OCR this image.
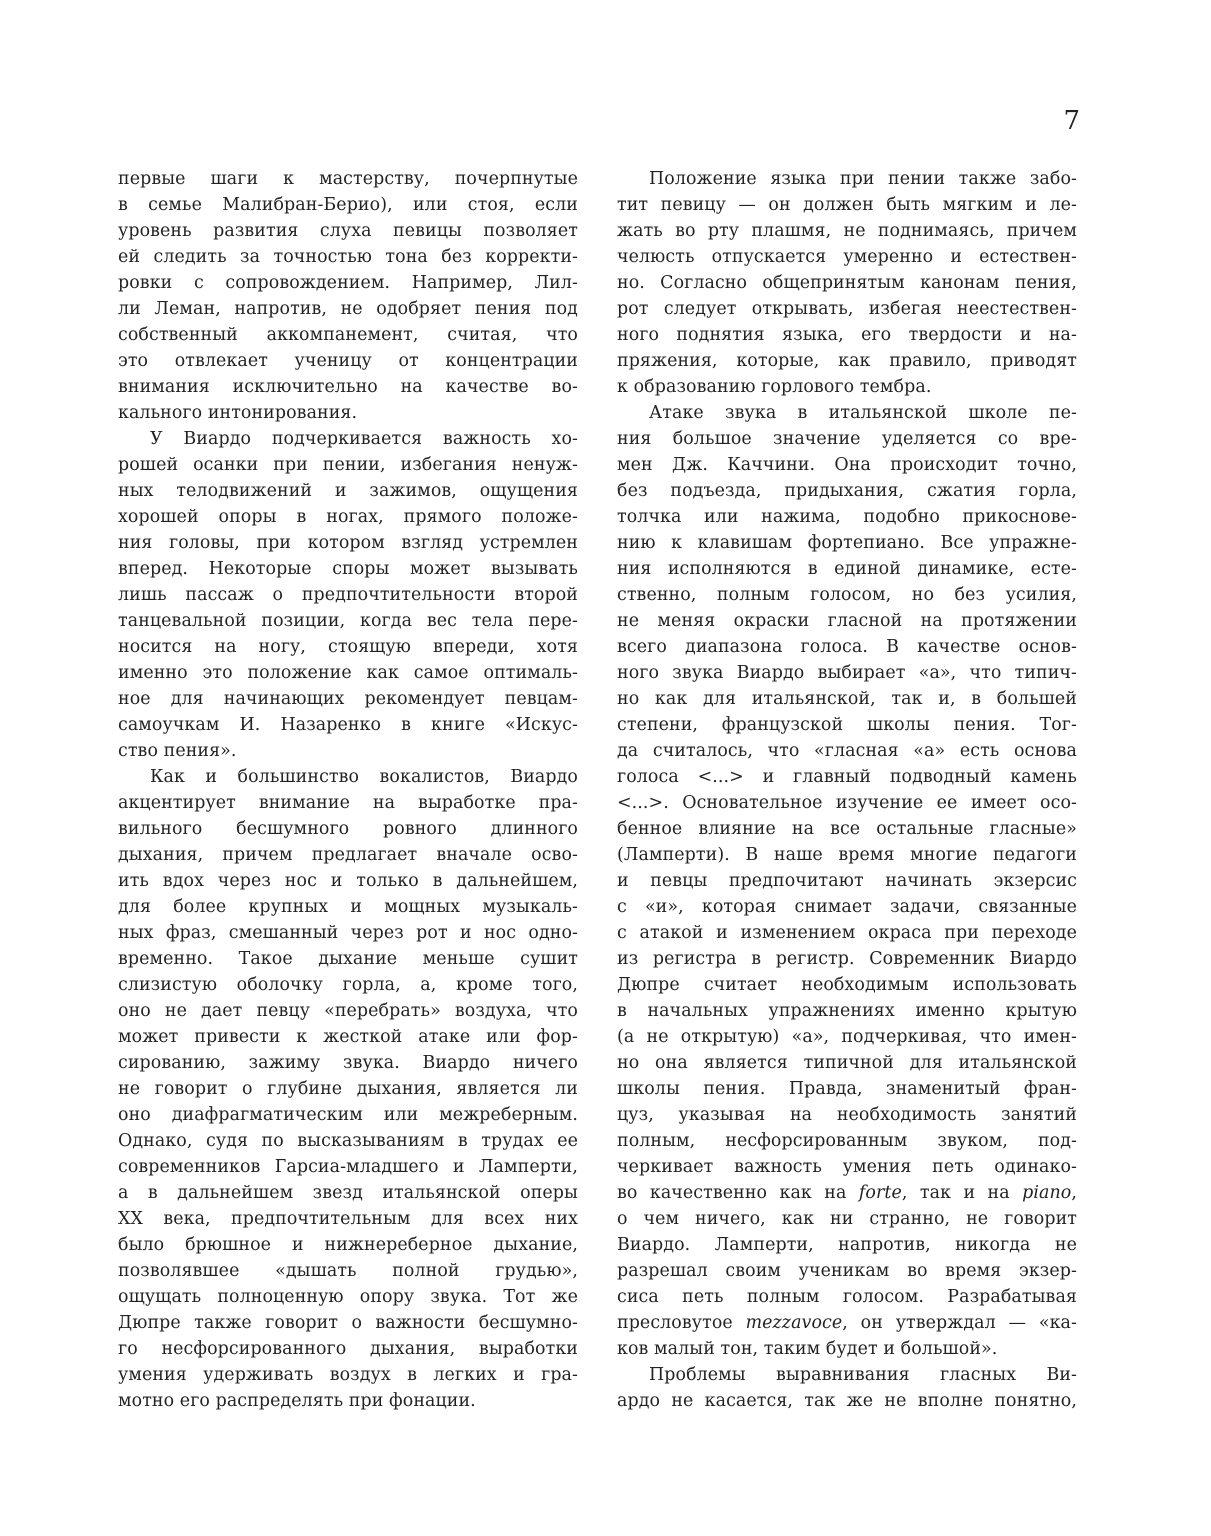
7
первые шаги к мастерству, почерпнутые
в семье Малибран-Берио), или стоя, если
уровень развития слуха певицы позволяет
ей следить за точностью тона без корректи-
ровки с сопровождением. Например, Лил-
ли Леман, напротив, не одобряет пения под
собственный аккомпанемент, считая, что
это отвлекает ученицу от концентрации
внимания исключительно на качестве во-
кального интонирования.
У Виардо подчеркивается важность хо-
рошей осанки при пении, избегания ненуж-
ных телодвижений и зажимов, ощущения
хорошей опоры в ногах, прямого положе-
ния головы, при котором взгляд устремлен
вперед. Некоторые споры может вызывать
лишь пассаж о предпочтительности второй
танцевальной позиции, когда вес тела пере-
носится на ногу, стоящую впереди, хотя
именно это положение как самое оптималь-
ное для начинающих рекомендует певцам-
самоучкам И. Назаренко в книге «Искус-
ство пения».
Как и большинство вокалистов, Виардо
акцентирует внимание на выработке пра-
вильного бесшумного ровного длинного
дыхания, причем предлагает вначале осво-
ить вдох через нос и только в дальнейшем,
для более крупных и мощных музыкаль-
ных фраз, смешанный через рот и нос одно-
временно. Такое дыхание меньше сушит
слизистую оболочку горла, а, кроме того,
оно не дает певцу «перебрать» воздуха, что
может привести к жесткой атаке или фор-
сированию, зажиму звука. Виардо ничего
не говорит о глубине дыхания, является ли
оно диафрагматическим или межреберным.
Однако, судя по высказываниям в трудах ее
современников Гарсиа-младшего и Ламперти,
а в дальнейшем звезд итальянской оперы
XX века, предпочтительным для всех них
было брюшное и нижнереберное дыхание,
позволявшее «дышать полной грудью»,
ощущать полноценную опору звука. Тот же
Дюпре также говорит о важности бесшумно-
го несфорсированного дыхания, выработки
умения удерживать воздух в легких и гра-
мотно его распределять при фонации.
Положение языка при пении также забо-
тит певицу — он должен быть мягким и ле-
жать во рту плашмя, не поднимаясь, причем
челюсть отпускается умеренно и естествен-
но. Согласно общепринятым канонам пения,
рот следует открывать, избегая неестествен-
ного поднятия языка, его твердости и на-
пряжения, которые, как правило, приводят
к образованию горлового тембра.
Атаке звука в итальянской школе пе-
ния большое значение уделяется со вре-
мен Дж. Каччини. Она происходит точно,
без подъезда, придыхания, сжатия горла,
толчка или нажима, подобно прикоснове-
нию к клавишам фортепиано. Все упражне-
ния исполняются в единой динамике, есте-
ственно, полным голосом, но без усилия,
не меняя окраски гласной на протяжении
всего диапазона голоса. В качестве основ-
ного звука Виардо выбирает «а», что типич-
но как для итальянской, так и, в большей
степени, французской школы пения. Тог-
да считалось, что «гласная «а» есть основа
голоса <...> и главный подводный камень
<...>. Основательное изучение ее имеет осо-
бенное влияние на все остальные гласные»
(Ламперти). В наше время многие педагоги
и певцы предпочитают начинать экзерсис
с «и», которая снимает задачи, связанные
с атакой и изменением окраса при переходе
из регистра в регистр. Современник Виардо
Дюпре считает необходимым использовать
в начальных упражнениях именно крытую
(а не открытую) «а», подчеркивая, что имен-
но она является типичной для итальянской
школы пения. Правда, знаменитый фран-
цуз, указывая на необходимость занятий
полным, несфорсированным звуком, под-
черкивает важность умения петь одинако-
во качественно как на forte, так и на piano,
о чем ничего, как ни странно, не говорит
Виардо. Ламперти, напротив, никогда не
разрешал своим ученикам во время экзер-
сиса петь полным голосом. Разрабатывая
пресловутое mezzavoce, он утверждал — «ка-
ков малый тон, таким будет и большой».
Проблемы выравнивания гласных Ви-
ардо не касается, так же не вполне понятно,
